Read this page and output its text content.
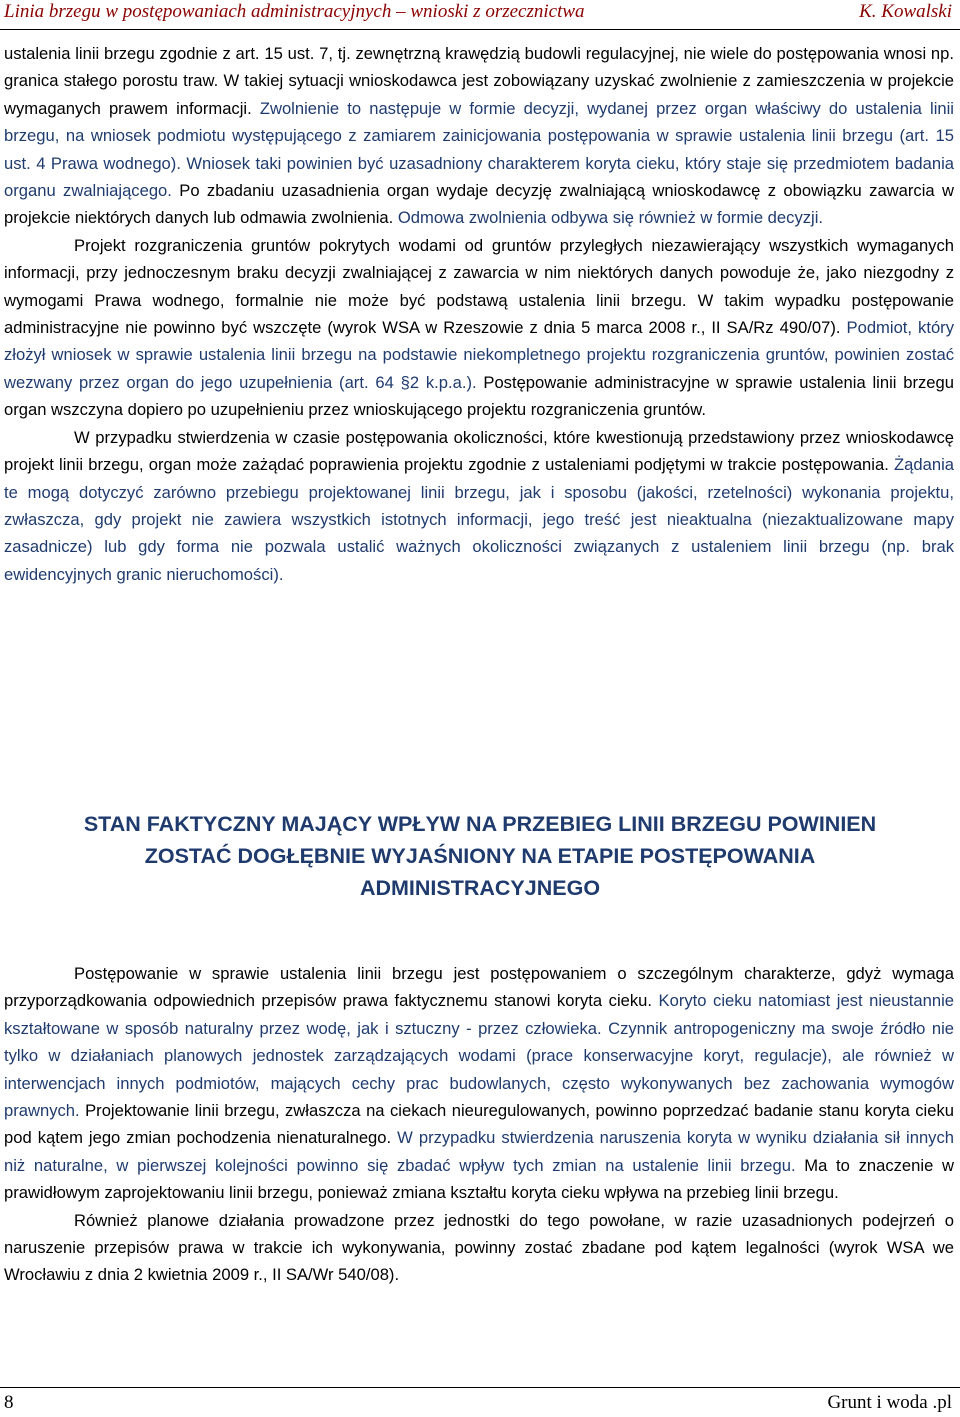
Linia brzegu w postępowaniach administracyjnych – wnioski z orzecznictwa	K. Kowalski

ustalenia linii brzegu zgodnie z art. 15 ust. 7, tj. zewnętrzną krawędzią budowli regulacyjnej, nie wiele do postępowania wnosi np. granica stałego porostu traw. W takiej sytuacji wnioskodawca jest zobowiązany uzyskać zwolnienie z zamieszczenia w projekcie wymaganych prawem informacji. Zwolnienie to następuje w formie decyzji, wydanej przez organ właściwy do ustalenia linii brzegu, na wniosek podmiotu występującego z zamiarem zainicjowania postępowania w sprawie ustalenia linii brzegu (art. 15 ust. 4 Prawa wodnego). Wniosek taki powinien być uzasadniony charakterem koryta cieku, który staje się przedmiotem badania organu zwalniającego. Po zbadaniu uzasadnienia organ wydaje decyzję zwalniającą wnioskodawcę z obowiązku zawarcia w projekcie niektórych danych lub odmawia zwolnienia. Odmowa zwolnienia odbywa się również w formie decyzji.

Projekt rozgraniczenia gruntów pokrytych wodami od gruntów przyległych niezawierający wszystkich wymaganych informacji, przy jednoczesnym braku decyzji zwalniającej z zawarcia w nim niektórych danych powoduje że, jako niezgodny z wymogami Prawa wodnego, formalnie nie może być podstawą ustalenia linii brzegu. W takim wypadku postępowanie administracyjne nie powinno być wszczęte (wyrok WSA w Rzeszowie z dnia 5 marca 2008 r., II SA/Rz 490/07). Podmiot, który złożył wniosek w sprawie ustalenia linii brzegu na podstawie niekompletnego projektu rozgraniczenia gruntów, powinien zostać wezwany przez organ do jego uzupełnienia (art. 64 §2 k.p.a.). Postępowanie administracyjne w sprawie ustalenia linii brzegu organ wszczyna dopiero po uzupełnieniu przez wnioskującego projektu rozgraniczenia gruntów.

W przypadku stwierdzenia w czasie postępowania okoliczności, które kwestionują przedstawiony przez wnioskodawcę projekt linii brzegu, organ może zażądać poprawienia projektu zgodnie z ustaleniami podjętymi w trakcie postępowania. Żądania te mogą dotyczyć zarówno przebiegu projektowanej linii brzegu, jak i sposobu (jakości, rzetelności) wykonania projektu, zwłaszcza, gdy projekt nie zawiera wszystkich istotnych informacji, jego treść jest nieaktualna (niezaktualizowane mapy zasadnicze) lub gdy forma nie pozwala ustalić ważnych okoliczności związanych z ustaleniem linii brzegu (np. brak ewidencyjnych granic nieruchomości).

STAN FAKTYCZNY MAJĄCY WPŁYW NA PRZEBIEG LINII BRZEGU POWINIEN
ZOSTAĆ DOGŁĘBNIE WYJAŚNIONY NA ETAPIE POSTĘPOWANIA
ADMINISTRACYJNEGO

Postępowanie w sprawie ustalenia linii brzegu jest postępowaniem o szczególnym charakterze, gdyż wymaga przyporządkowania odpowiednich przepisów prawa faktycznemu stanowi koryta cieku. Koryto cieku natomiast jest nieustannie kształtowane w sposób naturalny przez wodę, jak i sztuczny - przez człowieka. Czynnik antropogeniczny ma swoje źródło nie tylko w działaniach planowych jednostek zarządzających wodami (prace konserwacyjne koryt, regulacje), ale również w interwencjach innych podmiotów, mających cechy prac budowlanych, często wykonywanych bez zachowania wymogów prawnych. Projektowanie linii brzegu, zwłaszcza na ciekach nieuregulowanych, powinno poprzedzać badanie stanu koryta cieku pod kątem jego zmian pochodzenia nienaturalnego. W przypadku stwierdzenia naruszenia koryta w wyniku działania sił innych niż naturalne, w pierwszej kolejności powinno się zbadać wpływ tych zmian na ustalenie linii brzegu. Ma to znaczenie w prawidłowym zaprojektowaniu linii brzegu, ponieważ zmiana kształtu koryta cieku wpływa na przebieg linii brzegu.

Również planowe działania prowadzone przez jednostki do tego powołane, w razie uzasadnionych podejrzeń o naruszenie przepisów prawa w trakcie ich wykonywania, powinny zostać zbadane pod kątem legalności (wyrok WSA we Wrocławiu z dnia 2 kwietnia 2009 r., II SA/Wr 540/08).

8	Grunt i woda .pl
